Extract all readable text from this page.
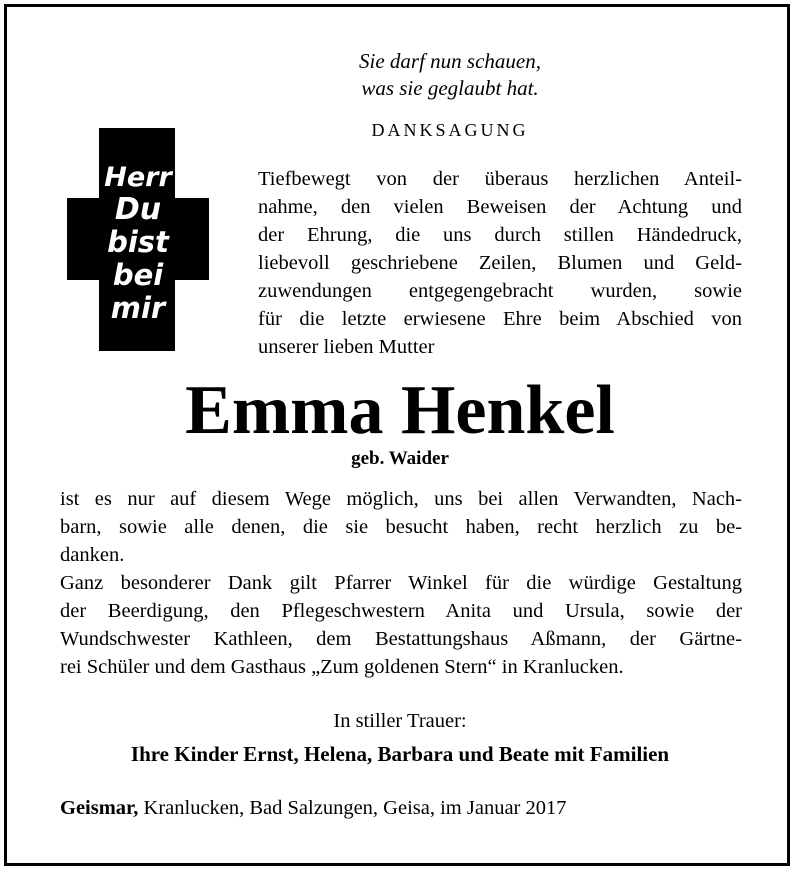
Sie darf nun schauen,
was sie geglaubt hat.
DANKSAGUNG
Herr
Du
bist
bei
mir
Tiefbewegt von der überaus herzlichen Anteil-
nahme, den vielen Beweisen der Achtung und
der Ehrung, die uns durch stillen Händedruck,
liebevoll geschriebene Zeilen, Blumen und Geld-
zuwendungen entgegengebracht wurden, sowie
für die letzte erwiesene Ehre beim Abschied von
unserer lieben Mutter
Emma Henkel
geb. Waider
ist es nur auf diesem Wege möglich, uns bei allen Verwandten, Nach-
barn, sowie alle denen, die sie besucht haben, recht herzlich zu be-
danken.
Ganz besonderer Dank gilt Pfarrer Winkel für die würdige Gestaltung
der Beerdigung, den Pflegeschwestern Anita und Ursula, sowie der
Wundschwester Kathleen, dem Bestattungshaus Aßmann, der Gärtne-
rei Schüler und dem Gasthaus „Zum goldenen Stern“ in Kranlucken.
In stiller Trauer:
Ihre Kinder Ernst, Helena, Barbara und Beate mit Familien
Geismar, Kranlucken, Bad Salzungen, Geisa, im Januar 2017
